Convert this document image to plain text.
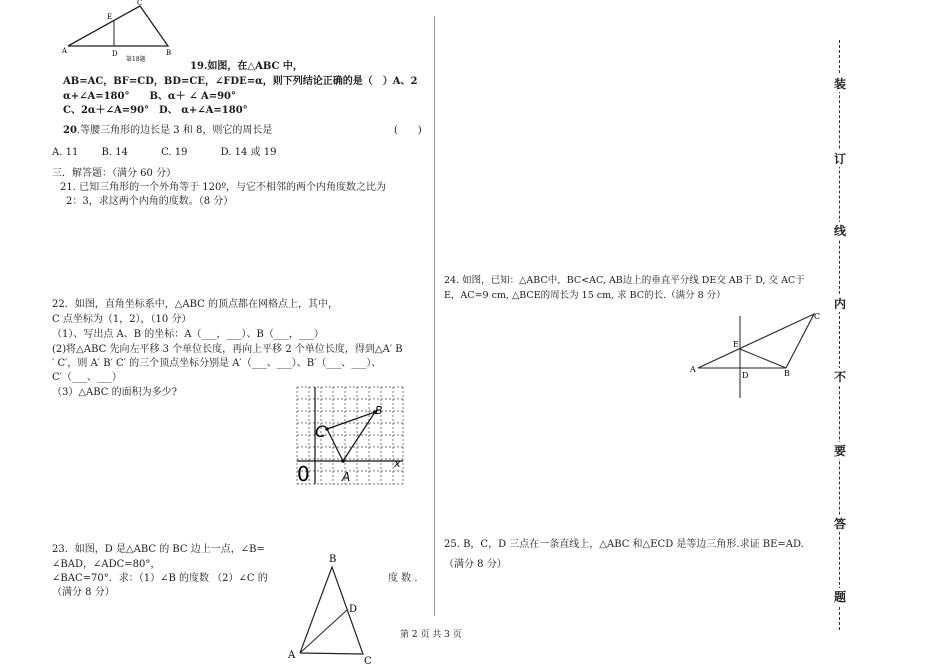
A	B
C
D
E
第18题
19.如图，在△ABC 中，
AB=AC，BF=CD，BD=CE，∠FDE=α，则下列结论正确的是（　）A、2
α+∠A=180°　　B、α＋ ∠ A=90°
C、2α＋∠A=90°　D、 α+∠A=180°
20.等腰三角形的边长是 3 和 8，则它的周长是	(　　)
A. 11　　 B. 14　　　 C. 19　　　 D. 14 或 19
三．解答题：（满分 60 分）
21. 已知三角形的一个外角等于 120º，与它不相邻的两个内角度数之比为
2：3，求这两个内角的度数。（8 分）
22．如图，直角坐标系中，△ABC 的顶点都在网格点上，其中，
C 点坐标为（1，2），（10 分）
（1）、写出点 A、B 的坐标：A（___，___）、B（___，___）
(2)将△ABC 先向左平移 3 个单位长度，再向上平移 2 个单位长度，得到△A′ B
′ C′，则 A′ B′ C′ 的三个顶点坐标分别是 A′（___、___）、B′（___、___）、
C′（___、___）
（3）△ABC 的面积为多少?
C
B
A
0	x
23．如图，D 是△ABC 的 BC 边上一点，∠B=
∠BAD，∠ADC=80°，
∠BAC=70°．求：（1）∠B 的度数 （2）∠C 的	度 数 .
（满分 8 分）
A
B
C
D
24. 如图，已知：△ABC中，BC<AC, AB边上的垂直平分线 DE交 AB于 D, 交 AC于
E，AC=9 cm, △BCE的周长为 15 cm, 求 BC的长.（满分 8 分）
A	B
C
D
E
25. B，C，D 三点在一条直线上，△ABC 和△ECD 是等边三角形.求证 BE=AD.
（满分 8 分）
第 2 页 共 3 页
装
订
线
内
不
要
答
题
